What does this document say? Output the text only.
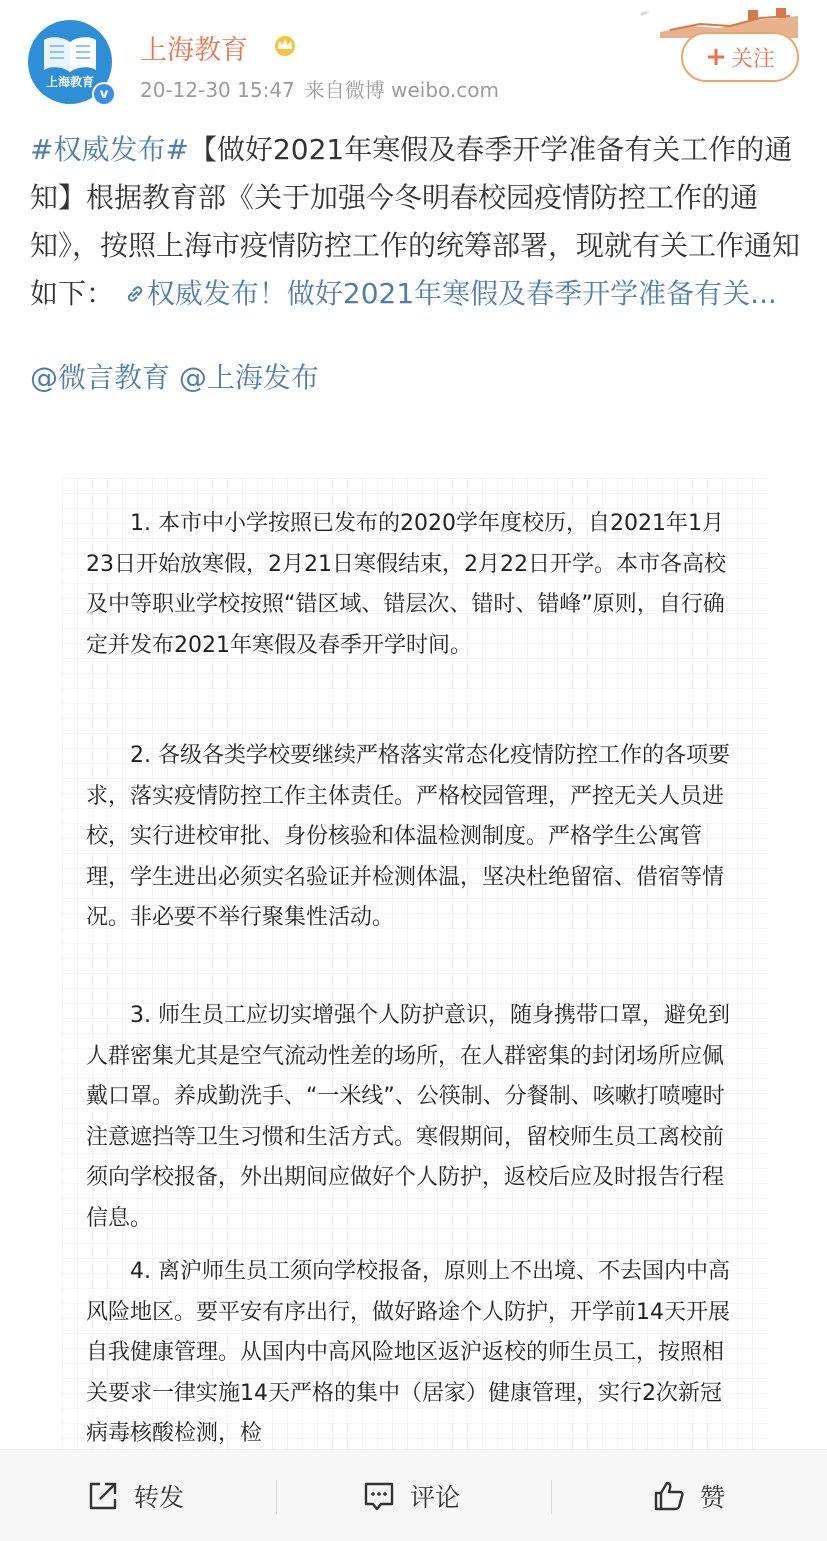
上海教育
v
上海教育
20-12-30 15:47 来自微博 weibo.com
+ 关注
#权威发布#【做好2021年寒假及春季开学准备有关工作的通知】根据教育部《关于加强今冬明春校园疫情防控工作的通知》，按照上海市疫情防控工作的统筹部署，现就有关工作通知如下： 权威发布！做好2021年寒假及春季开学准备有关...
@微言教育 @上海发布

1. 本市中小学按照已发布的2020学年度校历，自2021年1月23日开始放寒假，2月21日寒假结束，2月22日开学。本市各高校及中等职业学校按照“错区域、错层次、错时、错峰”原则，自行确定并发布2021年寒假及春季开学时间。

2. 各级各类学校要继续严格落实常态化疫情防控工作的各项要求，落实疫情防控工作主体责任。严格校园管理，严控无关人员进校，实行进校审批、身份核验和体温检测制度。严格学生公寓管理，学生进出必须实名验证并检测体温，坚决杜绝留宿、借宿等情况。非必要不举行聚集性活动。

3. 师生员工应切实增强个人防护意识，随身携带口罩，避免到人群密集尤其是空气流动性差的场所，在人群密集的封闭场所应佩戴口罩。养成勤洗手、“一米线”、公筷制、分餐制、咳嗽打喷嚏时注意遮挡等卫生习惯和生活方式。寒假期间，留校师生员工离校前须向学校报备，外出期间应做好个人防护，返校后应及时报告行程信息。

4. 离沪师生员工须向学校报备，原则上不出境、不去国内中高风险地区。要平安有序出行，做好路途个人防护，开学前14天开展自我健康管理。从国内中高风险地区返沪返校的师生员工，按照相关要求一律实施14天严格的集中（居家）健康管理，实行2次新冠病毒核酸检测，检

转发	评论	赞
